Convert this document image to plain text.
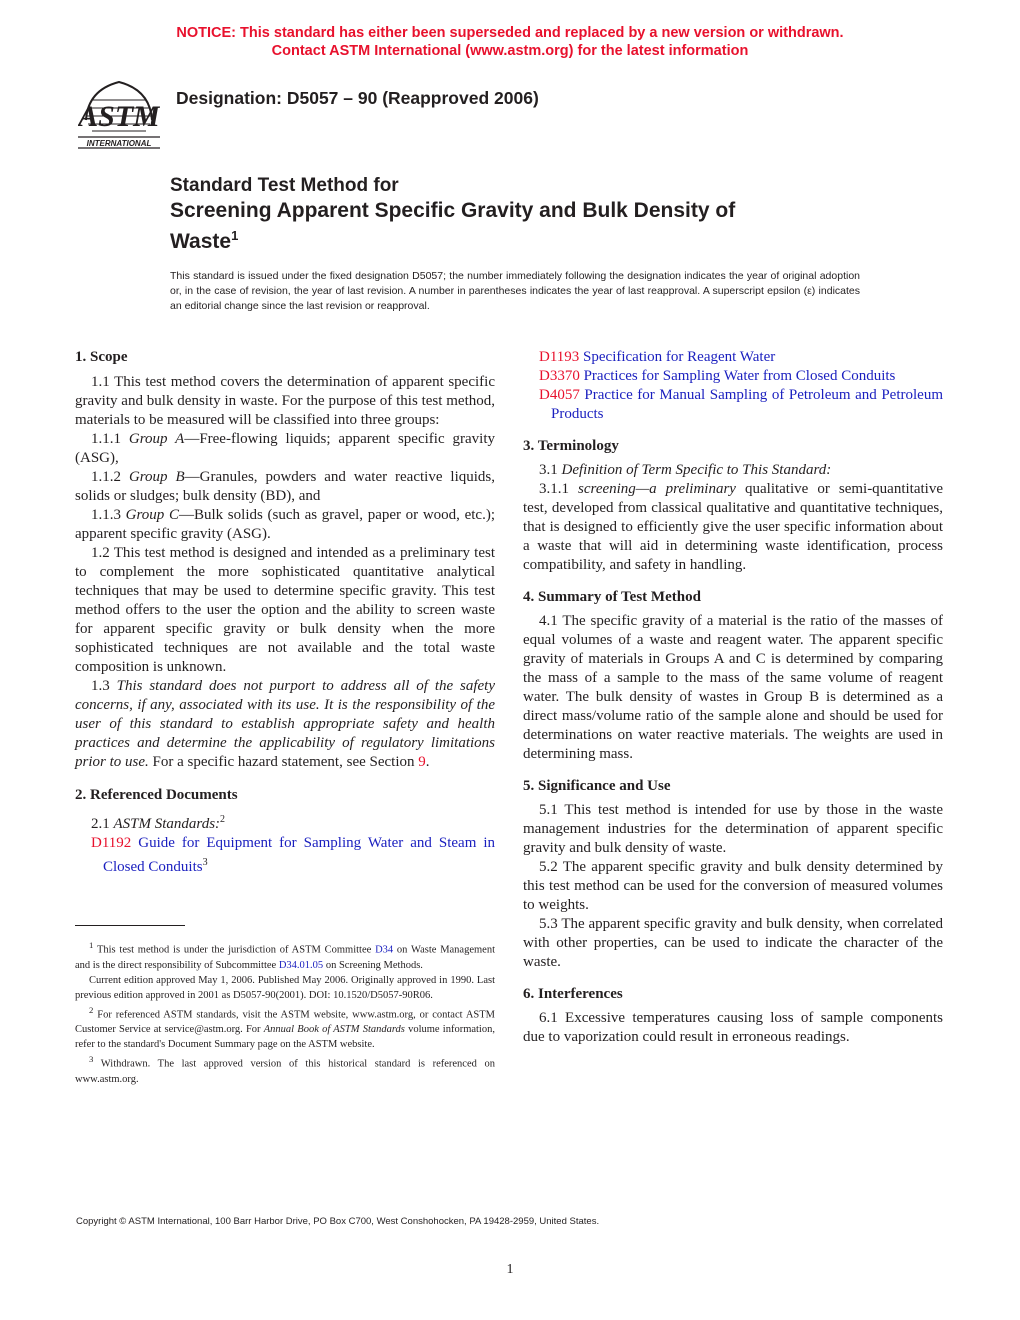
NOTICE: This standard has either been superseded and replaced by a new version or withdrawn.
Contact ASTM International (www.astm.org) for the latest information
ASTM
INTERNATIONAL
Designation: D5057 – 90 (Reapproved 2006)
Standard Test Method for
Screening Apparent Specific Gravity and Bulk Density of
Waste$^1$
This standard is issued under the fixed designation D5057; the number immediately following the designation indicates the year of original adoption or, in the case of revision, the year of last revision. A number in parentheses indicates the year of last reapproval. A superscript epsilon (ε) indicates an editorial change since the last revision or reapproval.
1. Scope

1.1 This test method covers the determination of apparent specific gravity and bulk density in waste. For the purpose of this test method, materials to be measured will be classified into three groups:

1.1.1 Group A—Free-flowing liquids; apparent specific gravity (ASG),

1.1.2 Group B—Granules, powders and water reactive liquids, solids or sludges; bulk density (BD), and

1.1.3 Group C—Bulk solids (such as gravel, paper or wood, etc.); apparent specific gravity (ASG).

1.2 This test method is designed and intended as a preliminary test to complement the more sophisticated quantitative analytical techniques that may be used to determine specific gravity. This test method offers to the user the option and the ability to screen waste for apparent specific gravity or bulk density when the more sophisticated techniques are not available and the total waste composition is unknown.

1.3 This standard does not purport to address all of the safety concerns, if any, associated with its use. It is the responsibility of the user of this standard to establish appropriate safety and health practices and determine the applicability of regulatory limitations prior to use. For a specific hazard statement, see Section 9.

2. Referenced Documents

2.1 ASTM Standards:$^2$

D1192 Guide for Equipment for Sampling Water and Steam in Closed Conduits$^3$

$^1$ This test method is under the jurisdiction of ASTM Committee D34 on Waste Management and is the direct responsibility of Subcommittee D34.01.05 on Screening Methods.

Current edition approved May 1, 2006. Published May 2006. Originally approved in 1990. Last previous edition approved in 2001 as D5057-90(2001). DOI: 10.1520/D5057-90R06.

$^2$ For referenced ASTM standards, visit the ASTM website, www.astm.org, or contact ASTM Customer Service at service@astm.org. For Annual Book of ASTM Standards volume information, refer to the standard's Document Summary page on the ASTM website.

$^3$ Withdrawn. The last approved version of this historical standard is referenced on www.astm.org.

D1193 Specification for Reagent Water

D3370 Practices for Sampling Water from Closed Conduits

D4057 Practice for Manual Sampling of Petroleum and Petroleum Products

3. Terminology

3.1 Definition of Term Specific to This Standard:

3.1.1 screening—a preliminary qualitative or semi-quantitative test, developed from classical qualitative and quantitative techniques, that is designed to efficiently give the user specific information about a waste that will aid in determining waste identification, process compatibility, and safety in handling.

4. Summary of Test Method

4.1 The specific gravity of a material is the ratio of the masses of equal volumes of a waste and reagent water. The apparent specific gravity of materials in Groups A and C is determined by comparing the mass of a sample to the mass of the same volume of reagent water. The bulk density of wastes in Group B is determined as a direct mass/volume ratio of the sample alone and should be used for determinations on water reactive materials. The weights are used in determining mass.

5. Significance and Use

5.1 This test method is intended for use by those in the waste management industries for the determination of apparent specific gravity and bulk density of waste.

5.2 The apparent specific gravity and bulk density determined by this test method can be used for the conversion of measured volumes to weights.

5.3 The apparent specific gravity and bulk density, when correlated with other properties, can be used to indicate the character of the waste.

6. Interferences

6.1 Excessive temperatures causing loss of sample components due to vaporization could result in erroneous readings.

Copyright © ASTM International, 100 Barr Harbor Drive, PO Box C700, West Conshohocken, PA 19428-2959, United States.
1
